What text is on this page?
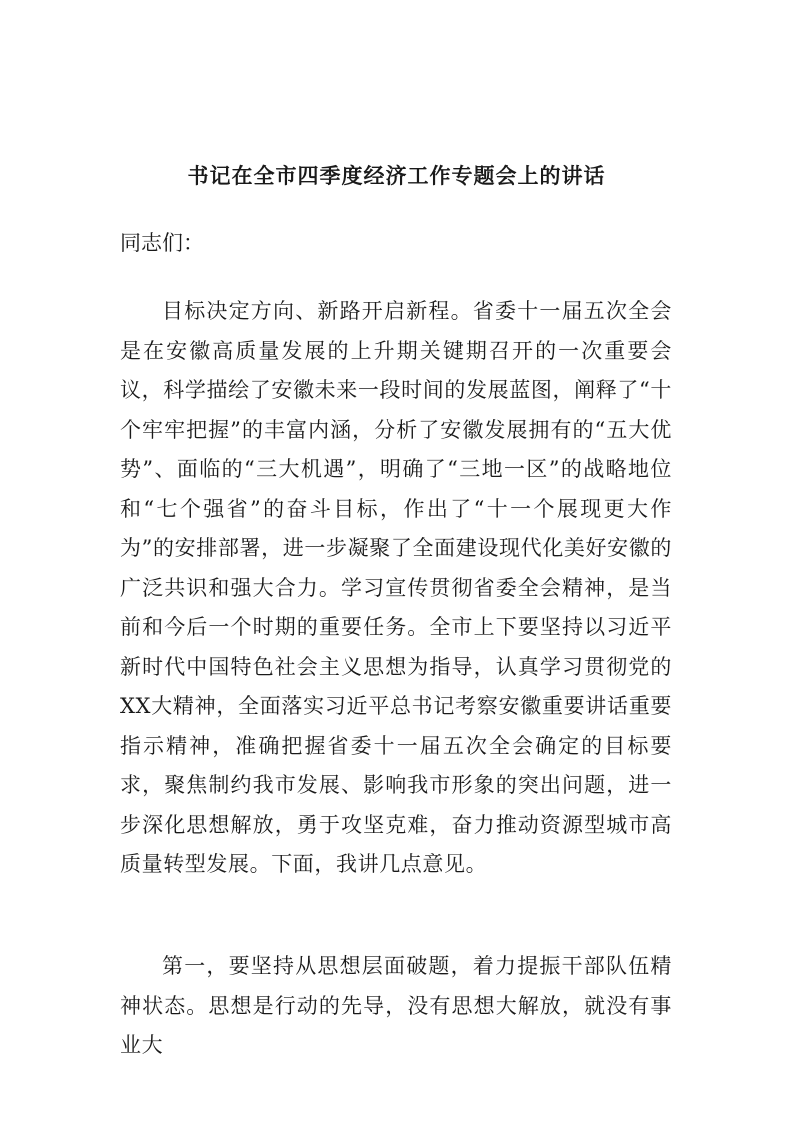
书记在全市四季度经济工作专题会上的讲话
同志们：

目标决定方向、新路开启新程。省委十一届五次全会是在安徽高质量发展的上升期关键期召开的一次重要会议，科学描绘了安徽未来一段时间的发展蓝图，阐释了“十个牢牢把握”的丰富内涵，分析了安徽发展拥有的“五大优势”、面临的“三大机遇”，明确了“三地一区”的战略地位和“七个强省”的奋斗目标，作出了“十一个展现更大作为”的安排部署，进一步凝聚了全面建设现代化美好安徽的广泛共识和强大合力。学习宣传贯彻省委全会精神，是当前和今后一个时期的重要任务。全市上下要坚持以习近平新时代中国特色社会主义思想为指导，认真学习贯彻党的XX大精神，全面落实习近平总书记考察安徽重要讲话重要指示精神，准确把握省委十一届五次全会确定的目标要求，聚焦制约我市发展、影响我市形象的突出问题，进一步深化思想解放，勇于攻坚克难，奋力推动资源型城市高质量转型发展。下面，我讲几点意见。

第一，要坚持从思想层面破题，着力提振干部队伍精神状态。思想是行动的先导，没有思想大解放，就没有事业大
